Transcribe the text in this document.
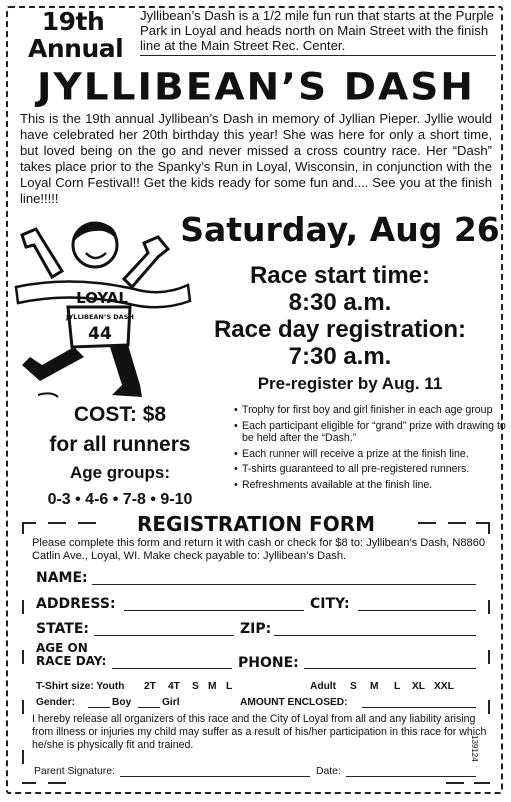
19th
Annual
Jyllibean’s Dash is a 1/2 mile fun run that starts at the Purple Park in Loyal and heads north on Main Street with the finish line at the Main Street Rec. Center.
JYLLIBEAN’S DASH
This is the 19th annual Jyllibean’s Dash in memory of Jyllian Pieper. Jyllie would have celebrated her 20th birthday this year! She was here for only a short time, but loved being on the go and never missed a cross country race. Her “Dash” takes place prior to the Spanky’s Run in Loyal, Wisconsin, in conjunction with the Loyal Corn Festival!! Get the kids ready for some fun and.... See you at the finish line!!!!!
LOYAL
JYLLIBEAN’S DASH
44
Saturday, Aug 26
Race start time:
8:30 a.m.
Race day registration:
7:30 a.m.
Pre-register by Aug. 11
• Trophy for first boy and girl finisher in each age group
• Each participant eligible for “grand” prize with drawing to be held after the “Dash.”
• Each runner will receive a prize at the finish line.
• T-shirts guaranteed to all pre-registered runners.
• Refreshments available at the finish line.
COST: $8
for all runners
Age groups:
0-3 • 4-6 • 7-8 • 9-10
REGISTRATION FORM
Please complete this form and return it with cash or check for $8 to: Jyllibean’s Dash, N8860 Catlin Ave., Loyal, WI. Make check payable to: Jyllibean’s Dash.
NAME:
ADDRESS:	CITY:
STATE:	ZIP:
AGE ON
RACE DAY:	PHONE:
T-Shirt size: Youth 2T 4T S M L	Adult S M L XL XXL
Gender:	Boy	Girl	AMOUNT ENCLOSED:
I hereby release all organizers of this race and the City of Loyal from all and any liability arising from illness or injuries my child may suffer as a result of his/her participation in this race for which he/she is physically fit and trained.
Parent Signature:	Date:
139124
